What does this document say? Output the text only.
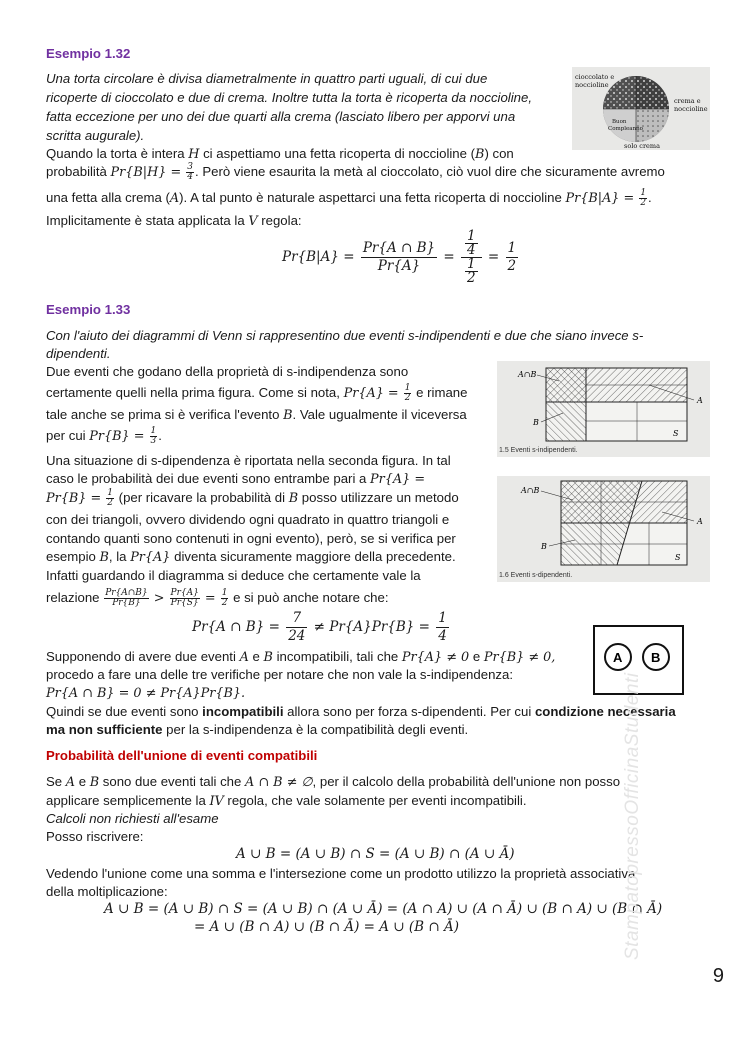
Esempio 1.32
Una torta circolare è divisa diametralmente in quattro parti uguali, di cui due
ricoperte di cioccolato e due di crema. Inoltre tutta la torta è ricoperta da noccioline,
fatta eccezione per uno dei due quarti alla crema (lasciato libero per apporvi una
scritta augurale).
Quando la torta è intera H ci aspettiamo una fetta ricoperta di noccioline (B) con
probabilità $Pr\{B|H\} = \frac{3}{4}$ . Però viene esaurita la metà al cioccolato, ciò vuol dire che sicuramente avremo
una fetta alla crema (A). A tal punto è naturale aspettarci una fetta ricoperta di noccioline $Pr\{B|A\} = \frac{1}{2}$ .
Implicitamente è stata applicata la V regola:
$Pr\{B|A\} = \frac{Pr\{A \cap B\}}{Pr\{A\}} = \frac{\frac{1}{4}}{\frac{1}{2}} = \frac{1}{2}$
cioccolato e
noccioline
crema e
noccioline
Buon
Compleanno
solo crema
Esempio 1.33
Con l'aiuto dei diagrammi di Venn si rappresentino due eventi s-indipendenti e due che siano invece s-
dipendenti.
Due eventi che godano della proprietà di s-indipendenza sono
certamente quelli nella prima figura. Come si nota, $Pr\{A\} = \frac{1}{2}$ e rimane
tale anche se prima si è verifica l'evento B. Vale ugualmente il viceversa
per cui $Pr\{B\} = \frac{1}{3}$ .
Una situazione di s-dipendenza è riportata nella seconda figura. In tal
caso le probabilità dei due eventi sono entrambe pari a Pr{A} =
$Pr\{B\} = \frac{1}{2} (per$ ricavare la probabilità di B posso utilizzare un metodo
con dei triangoli, ovvero dividendo ogni quadrato in quattro triangoli e
contando quanti sono contenuti in ogni evento), però, se si verifica per
esempio B, la Pr{A} diventa sicuramente maggiore della precedente.
Infatti guardando il diagramma si deduce che certamente vale la
relazione $\frac{Pr\{A\cap B\}}{Pr\{B\}} > \frac{Pr\{A\}}{Pr\{S\}} = \frac{1}{2}$ e si può anche notare che:
Pr{A ∩ $B\} = \frac{7}{24} \ne Pr\{A\}Pr\{B\} = \frac{1}{4}$
Supponendo di avere due eventi A e B incompatibili, tali che Pr{A} ≠ 0 e Pr{B} ≠ 0,
procedo a fare una delle tre verifiche per notare che non vale la s-indipendenza:
Pr{A ∩ B} = 0 ≠ Pr{A}Pr{B}.
Quindi se due eventi sono incompatibili allora sono per forza s-dipendenti. Per cui condizione necessaria
ma non sufficiente per la s-indipendenza è la compatibilità degli eventi.
A∩B
A
B
S
1.5 Eventi s-indipendenti.
A∩B
A
B
S
1.6 Eventi s-dipendenti.
A B
Probabilità dell'unione di eventi compatibili
Se A e B sono due eventi tali che A ∩ B ≠ ∅, per il calcolo della probabilità dell'unione non posso
applicare semplicemente la IV regola, che vale solamente per eventi incompatibili.
Calcoli non richiesti all'esame
Posso riscrivere:
A ∪ B = (A ∪ B) ∩ S = (A ∪ B) ∩ (A ∪ Ā)
Vedendo l'unione come una somma e l'intersezione come un prodotto utilizzo la proprietà associativa
della moltiplicazione:
A ∪ B = (A ∪ B) ∩ S = (A ∪ B) ∩ (A ∪ Ā) = (A ∩ A) ∪ (A ∩ Ā) ∪ (B ∩ A) ∪ (B ∩ Ā)
= A ∪ (B ∩ A) ∪ (B ∩ Ā) = A ∪ (B ∩ Ā)	StampatopressoOfficinaStudenti
9
